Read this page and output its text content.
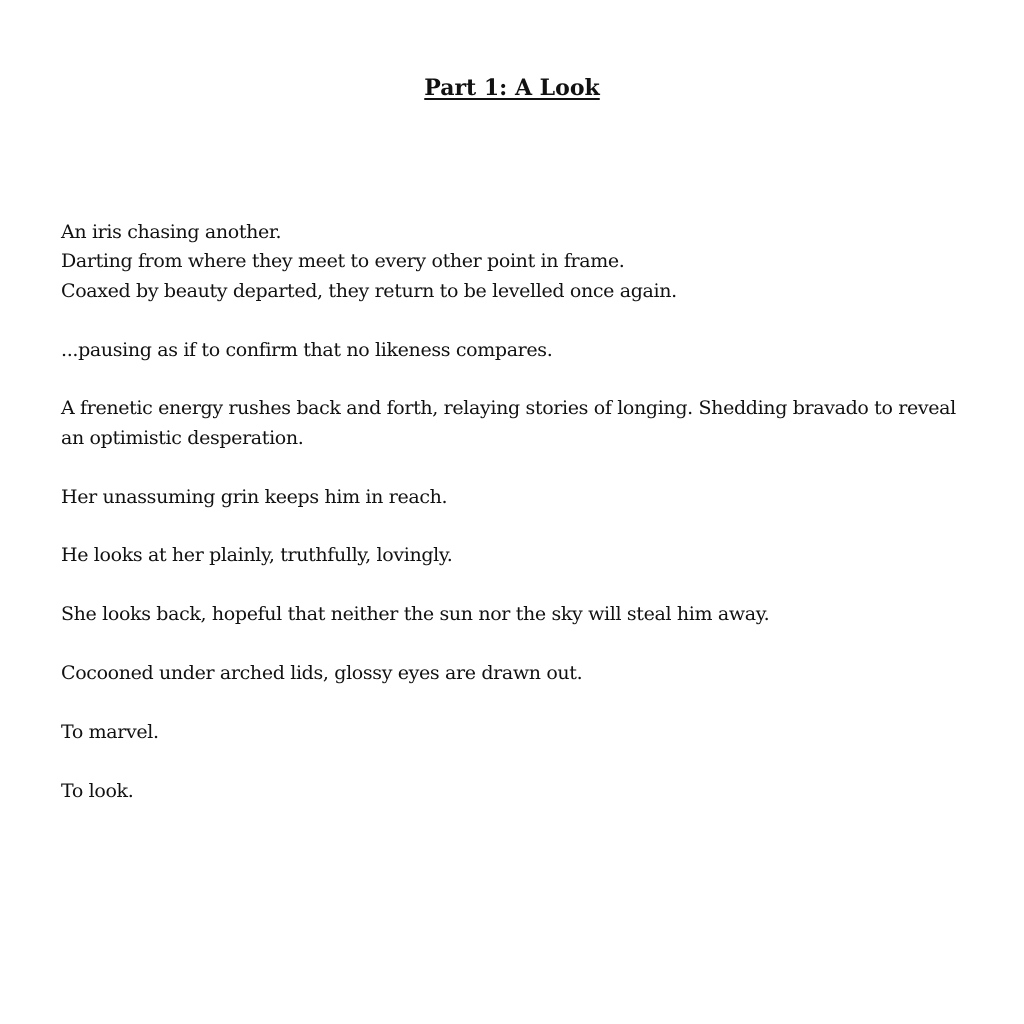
Part 1: A Look

An iris chasing another.
Darting from where they meet to every other point in frame.
Coaxed by beauty departed, they return to be levelled once again.

...pausing as if to confirm that no likeness compares.

A frenetic energy rushes back and forth, relaying stories of longing. Shedding bravado to reveal
an optimistic desperation.

Her unassuming grin keeps him in reach.

He looks at her plainly, truthfully, lovingly.

She looks back, hopeful that neither the sun nor the sky will steal him away.

Cocooned under arched lids, glossy eyes are drawn out.

To marvel.

To look.
